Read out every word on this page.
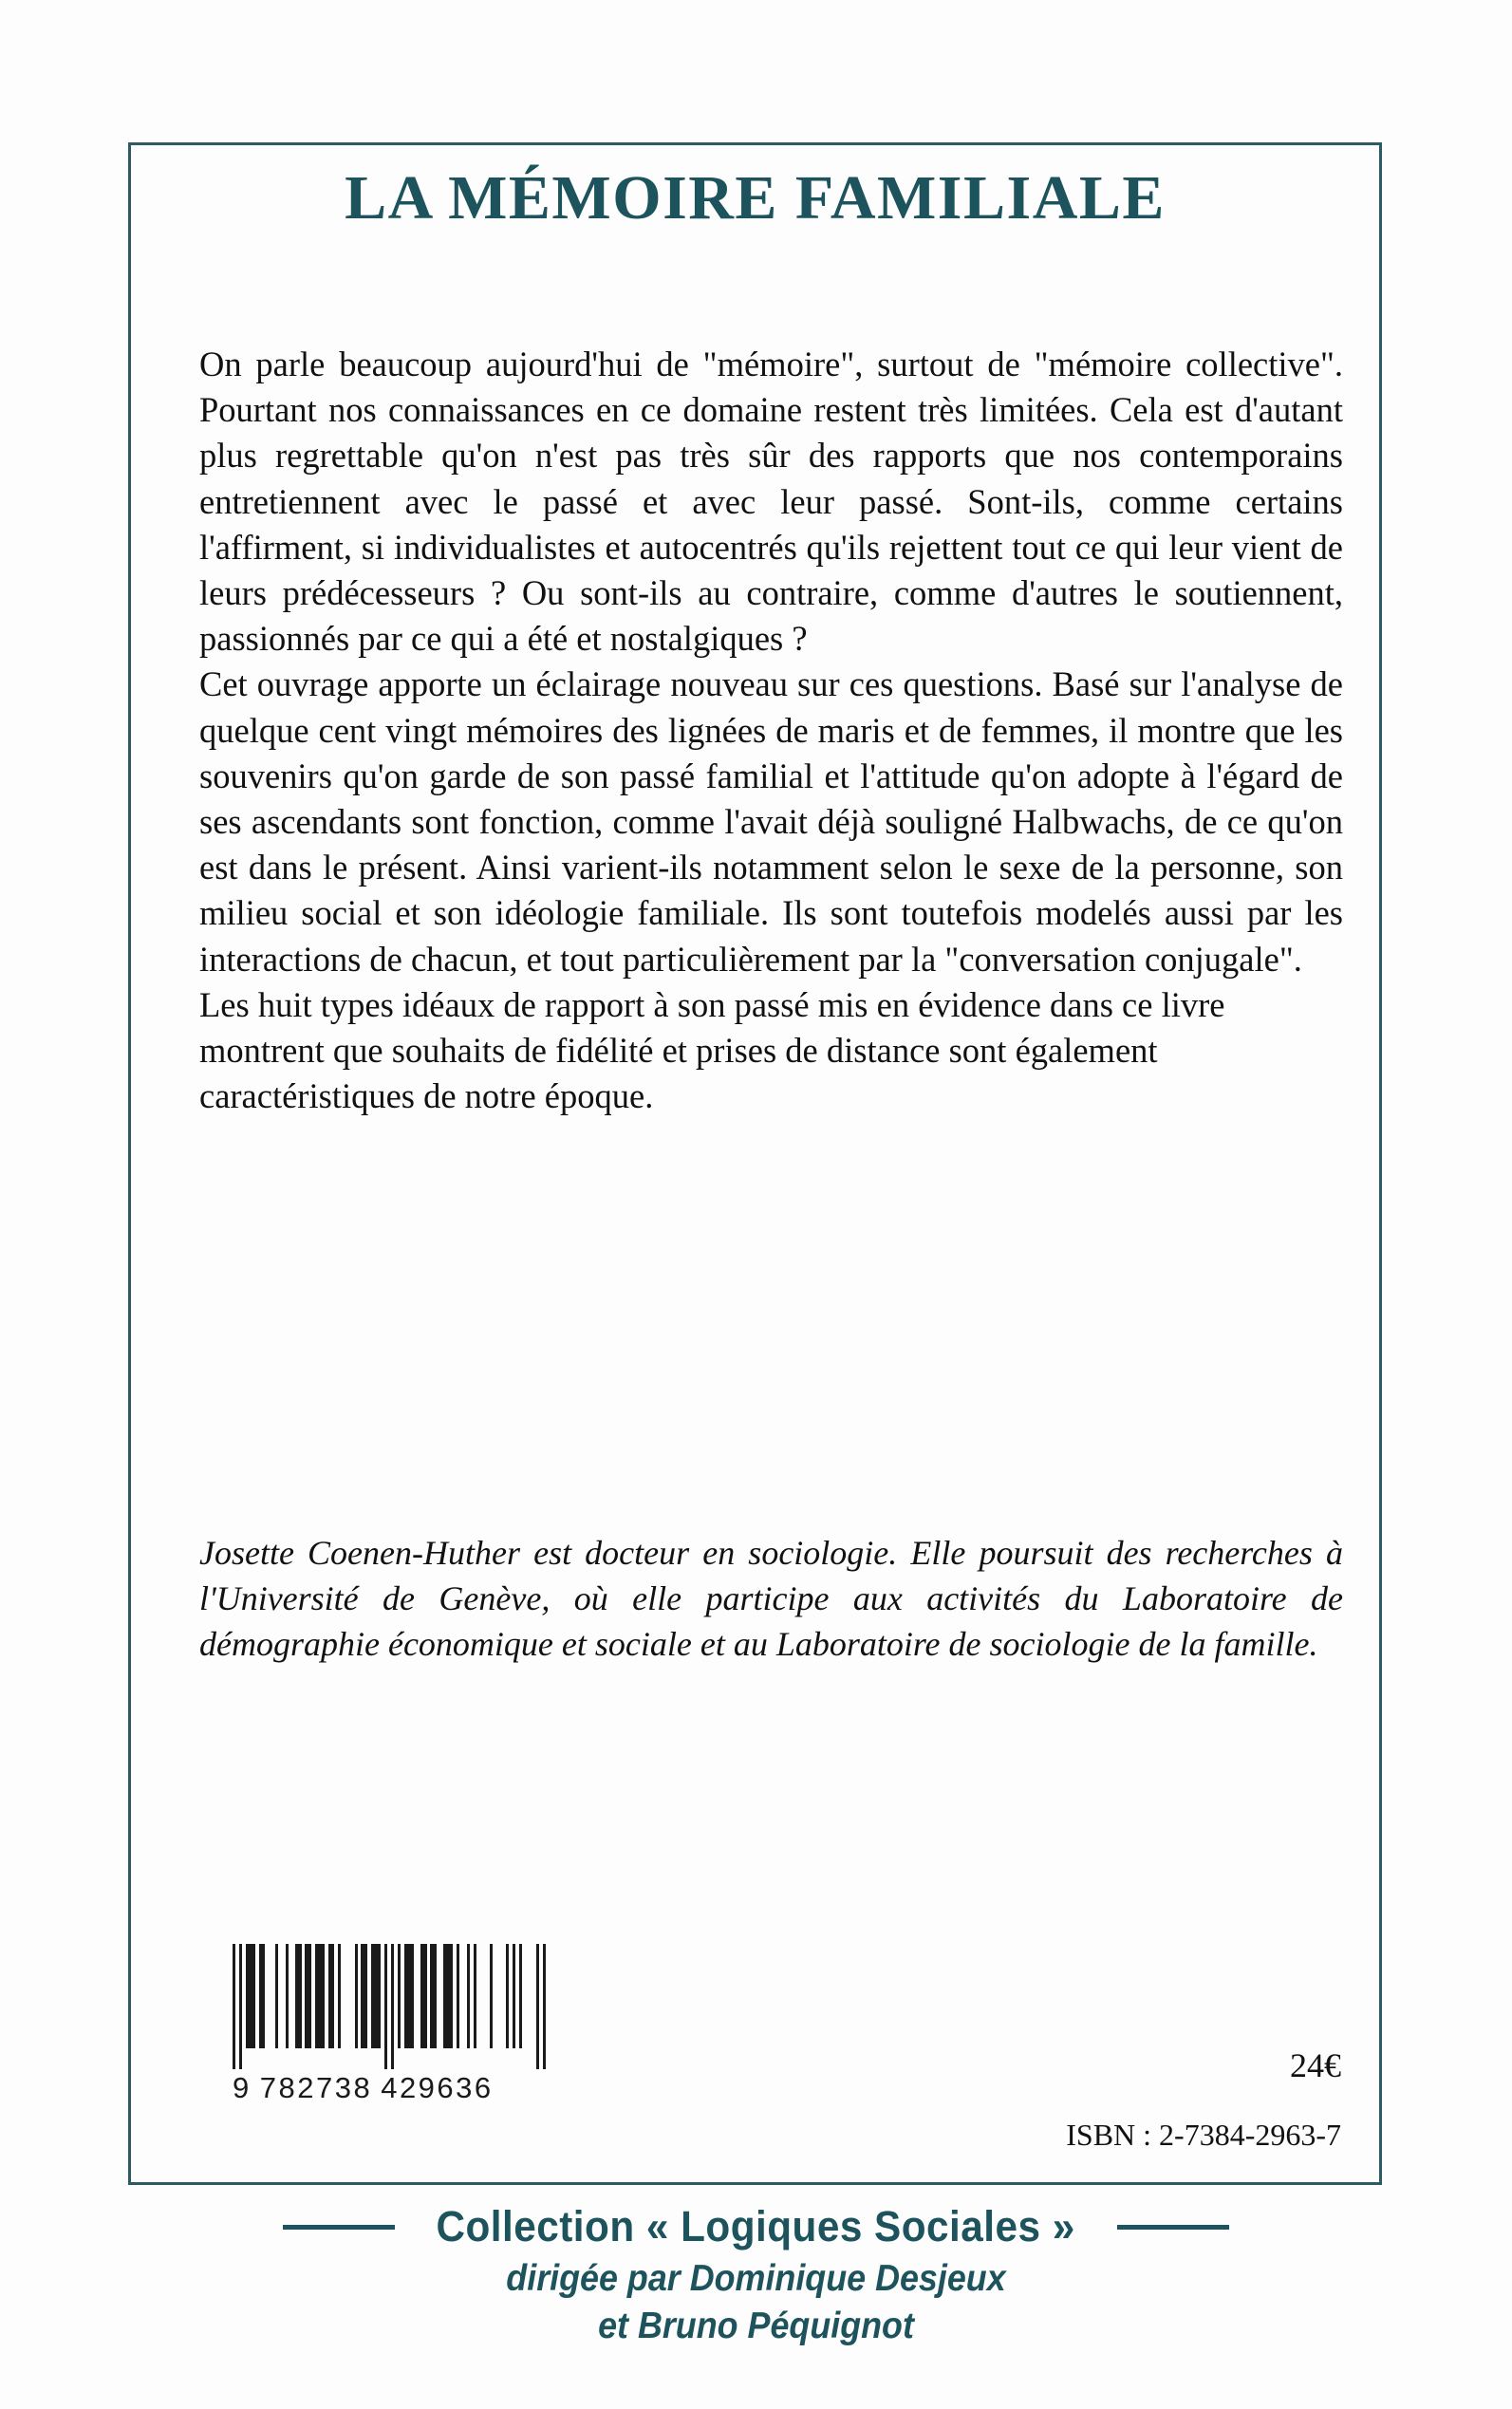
LA MÉMOIRE FAMILIALE

On parle beaucoup aujourd'hui de "mémoire", surtout de "mémoire collective". Pourtant nos connaissances en ce domaine restent très limitées. Cela est d'autant plus regrettable qu'on n'est pas très sûr des rapports que nos contemporains entretiennent avec le passé et avec leur passé. Sont-ils, comme certains l'affirment, si individualistes et autocentrés qu'ils rejettent tout ce qui leur vient de leurs prédécesseurs ? Ou sont-ils au contraire, comme d'autres le soutiennent, passionnés par ce qui a été et nostalgiques ?

Cet ouvrage apporte un éclairage nouveau sur ces questions. Basé sur l'analyse de quelque cent vingt mémoires des lignées de maris et de femmes, il montre que les souvenirs qu'on garde de son passé familial et l'attitude qu'on adopte à l'égard de ses ascendants sont fonction, comme l'avait déjà souligné Halbwachs, de ce qu'on est dans le présent. Ainsi varient-ils notamment selon le sexe de la personne, son milieu social et son idéologie familiale. Ils sont toutefois modelés aussi par les interactions de chacun, et tout particulièrement par la "conversation conjugale".

Les huit types idéaux de rapport à son passé mis en évidence dans ce livre montrent que souhaits de fidélité et prises de distance sont également caractéristiques de notre époque.

Josette Coenen-Huther est docteur en sociologie. Elle poursuit des recherches à l'Université de Genève, où elle participe aux activités du Laboratoire de démographie économique et sociale et au Laboratoire de sociologie de la famille.

9 782738 429636
24€
ISBN : 2-7384-2963-7
Collection « Logiques Sociales »
dirigée par Dominique Desjeux
et Bruno Péquignot
